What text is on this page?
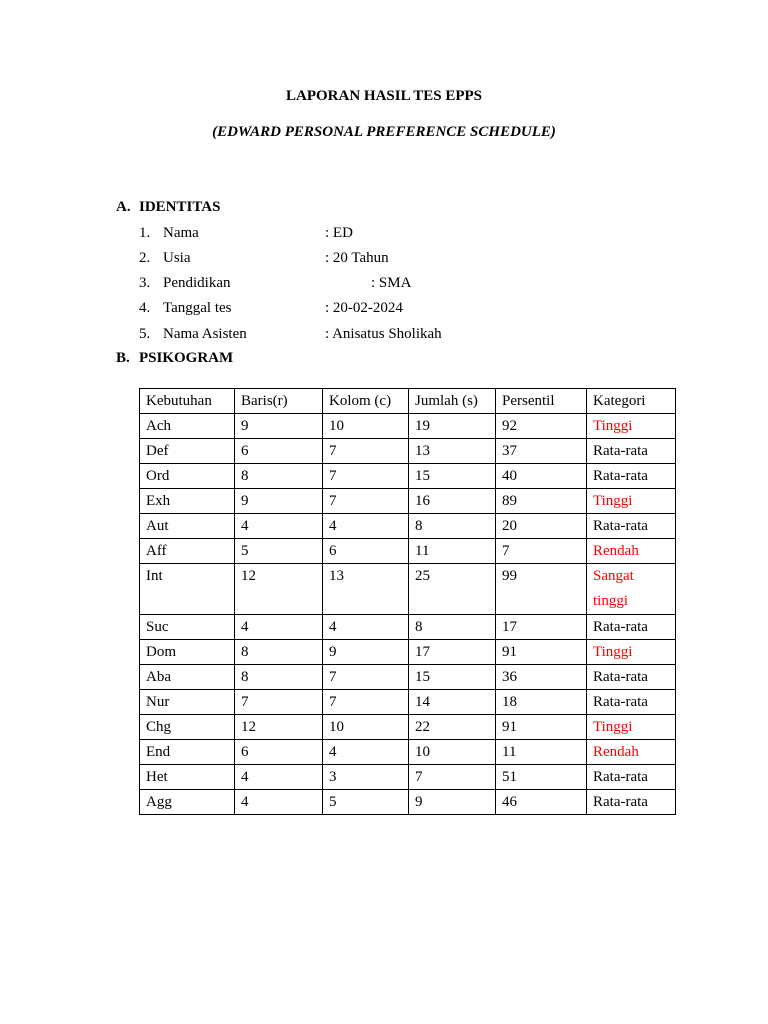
LAPORAN HASIL TES EPPS
(EDWARD PERSONAL PREFERENCE SCHEDULE)
A. IDENTITAS
1. Nama	: ED
2. Usia	: 20 Tahun
3. Pendidikan	: SMA
4. Tanggal tes	: 20-02-2024
5. Nama Asisten	: Anisatus Sholikah
B. PSIKOGRAM
Kebutuhan	Baris(r)	Kolom (c)	Jumlah (s)	Persentil	Kategori
Ach	9	10	19	92	Tinggi
Def	6	7	13	37	Rata-rata
Ord	8	7	15	40	Rata-rata
Exh	9	7	16	89	Tinggi
Aut	4	4	8	20	Rata-rata
Aff	5	6	11	7	Rendah
Int	12	13	25	99	Sangat tinggi
Suc	4	4	8	17	Rata-rata
Dom	8	9	17	91	Tinggi
Aba	8	7	15	36	Rata-rata
Nur	7	7	14	18	Rata-rata
Chg	12	10	22	91	Tinggi
End	6	4	10	11	Rendah
Het	4	3	7	51	Rata-rata
Agg	4	5	9	46	Rata-rata
